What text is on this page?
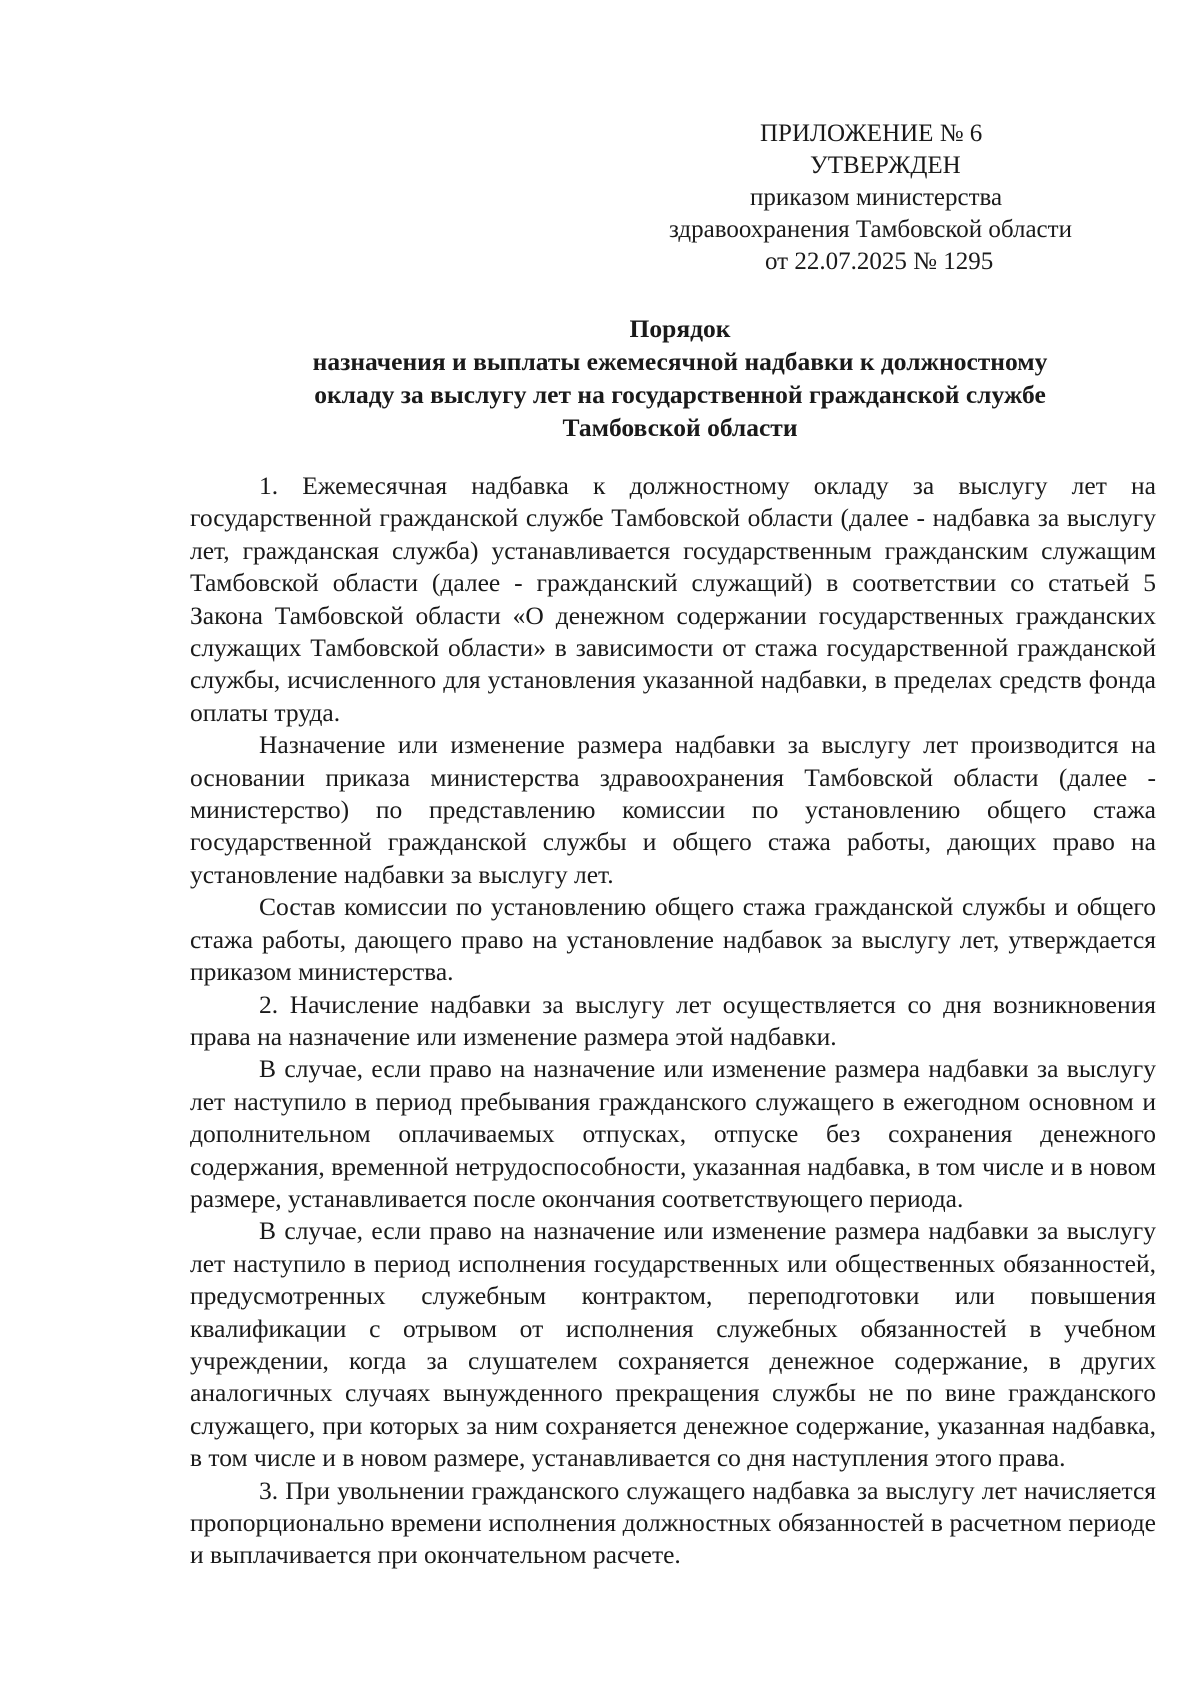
ПРИЛОЖЕНИЕ № 6
УТВЕРЖДЕН
приказом министерства
здравоохранения Тамбовской области
от 22.07.2025 № 1295
Порядок
назначения и выплаты ежемесячной надбавки к должностному
окладу за выслугу лет на государственной гражданской службе
Тамбовской области

1. Ежемесячная надбавка к должностному окладу за выслугу лет на государственной гражданской службе Тамбовской области (далее - надбавка за выслугу лет, гражданская служба) устанавливается государственным гражданским служащим Тамбовской области (далее - гражданский служащий) в соответствии со статьей 5 Закона Тамбовской области «О денежном содержании государственных гражданских служащих Тамбовской области» в зависимости от стажа государственной гражданской службы, исчисленного для установления указанной надбавки, в пределах средств фонда оплаты труда.

Назначение или изменение размера надбавки за выслугу лет производится на основании приказа министерства здравоохранения Тамбовской области (далее - министерство) по представлению комиссии по установлению общего стажа государственной гражданской службы и общего стажа работы, дающих право на установление надбавки за выслугу лет.

Состав комиссии по установлению общего стажа гражданской службы и общего стажа работы, дающего право на установление надбавок за выслугу лет, утверждается приказом министерства.

2. Начисление надбавки за выслугу лет осуществляется со дня возникновения права на назначение или изменение размера этой надбавки.

В случае, если право на назначение или изменение размера надбавки за выслугу лет наступило в период пребывания гражданского служащего в ежегодном основном и дополнительном оплачиваемых отпусках, отпуске без сохранения денежного содержания, временной нетрудоспособности, указанная надбавка, в том числе и в новом размере, устанавливается после окончания соответствующего периода.

В случае, если право на назначение или изменение размера надбавки за выслугу лет наступило в период исполнения государственных или общественных обязанностей, предусмотренных служебным контрактом, переподготовки или повышения квалификации с отрывом от исполнения служебных обязанностей в учебном учреждении, когда за слушателем сохраняется денежное содержание, в других аналогичных случаях вынужденного прекращения службы не по вине гражданского служащего, при которых за ним сохраняется денежное содержание, указанная надбавка, в том числе и в новом размере, устанавливается со дня наступления этого права.

3. При увольнении гражданского служащего надбавка за выслугу лет начисляется пропорционально времени исполнения должностных обязанностей в расчетном периоде и выплачивается при окончательном расчете.
